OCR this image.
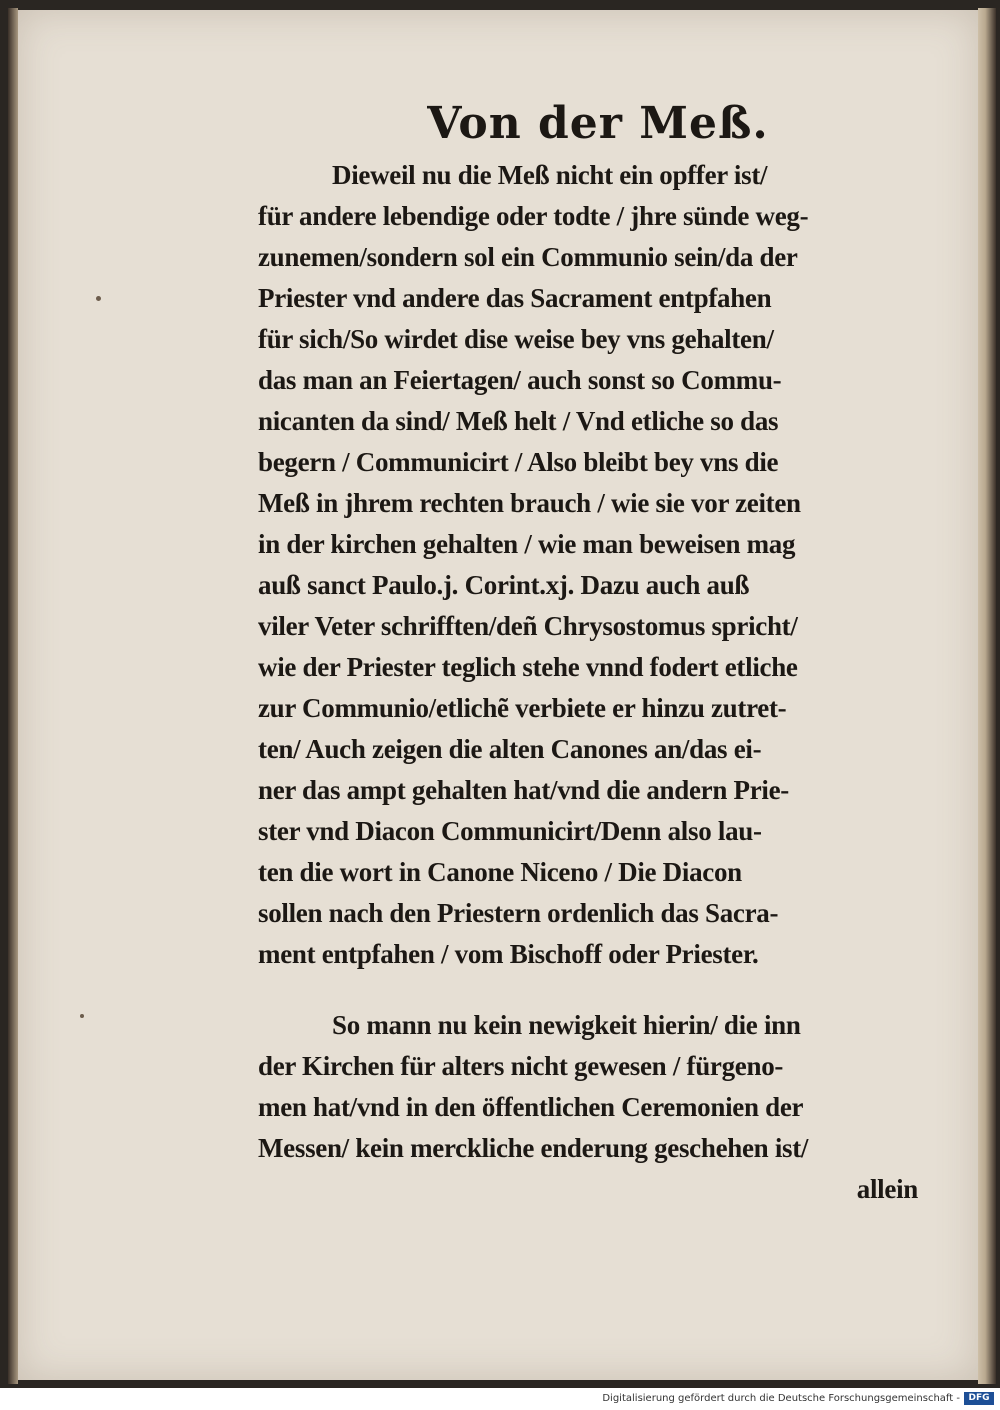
Von der Meß.
Dieweil nu die Meß nicht ein opffer ist/
für andere lebendige oder todte / jhre sünde weg-
zunemen/sondern sol ein Communio sein/da der
Priester vnd andere das Sacrament entpfahen
für sich/So wirdet dise weise bey vns gehalten/
das man an Feiertagen/ auch sonst so Commu-
nicanten da sind/ Meß helt / Vnd etliche so das
begern / Communicirt / Also bleibt bey vns die
Meß in jhrem rechten brauch / wie sie vor zeiten
in der kirchen gehalten / wie man beweisen mag
auß sanct Paulo.j. Corint.xj. Dazu auch auß
viler Veter schrifften/deñ Chrysostomus spricht/
wie der Priester teglich stehe vnnd fodert etliche
zur Communio/etlichẽ verbiete er hinzu zutret-
ten/ Auch zeigen die alten Canones an/das ei-
ner das ampt gehalten hat/vnd die andern Prie-
ster vnd Diacon Communicirt/Denn also lau-
ten die wort in Canone Niceno / Die Diacon
sollen nach den Priestern ordenlich das Sacra-
ment entpfahen / vom Bischoff oder Priester.
So mann nu kein newigkeit hierin/ die inn
der Kirchen für alters nicht gewesen / fürgeno-
men hat/vnd in den öffentlichen Ceremonien der
Messen/ kein merckliche enderung geschehen ist/
allein
Digitalisierung gefördert durch die Deutsche Forschungsgemeinschaft - DFG
